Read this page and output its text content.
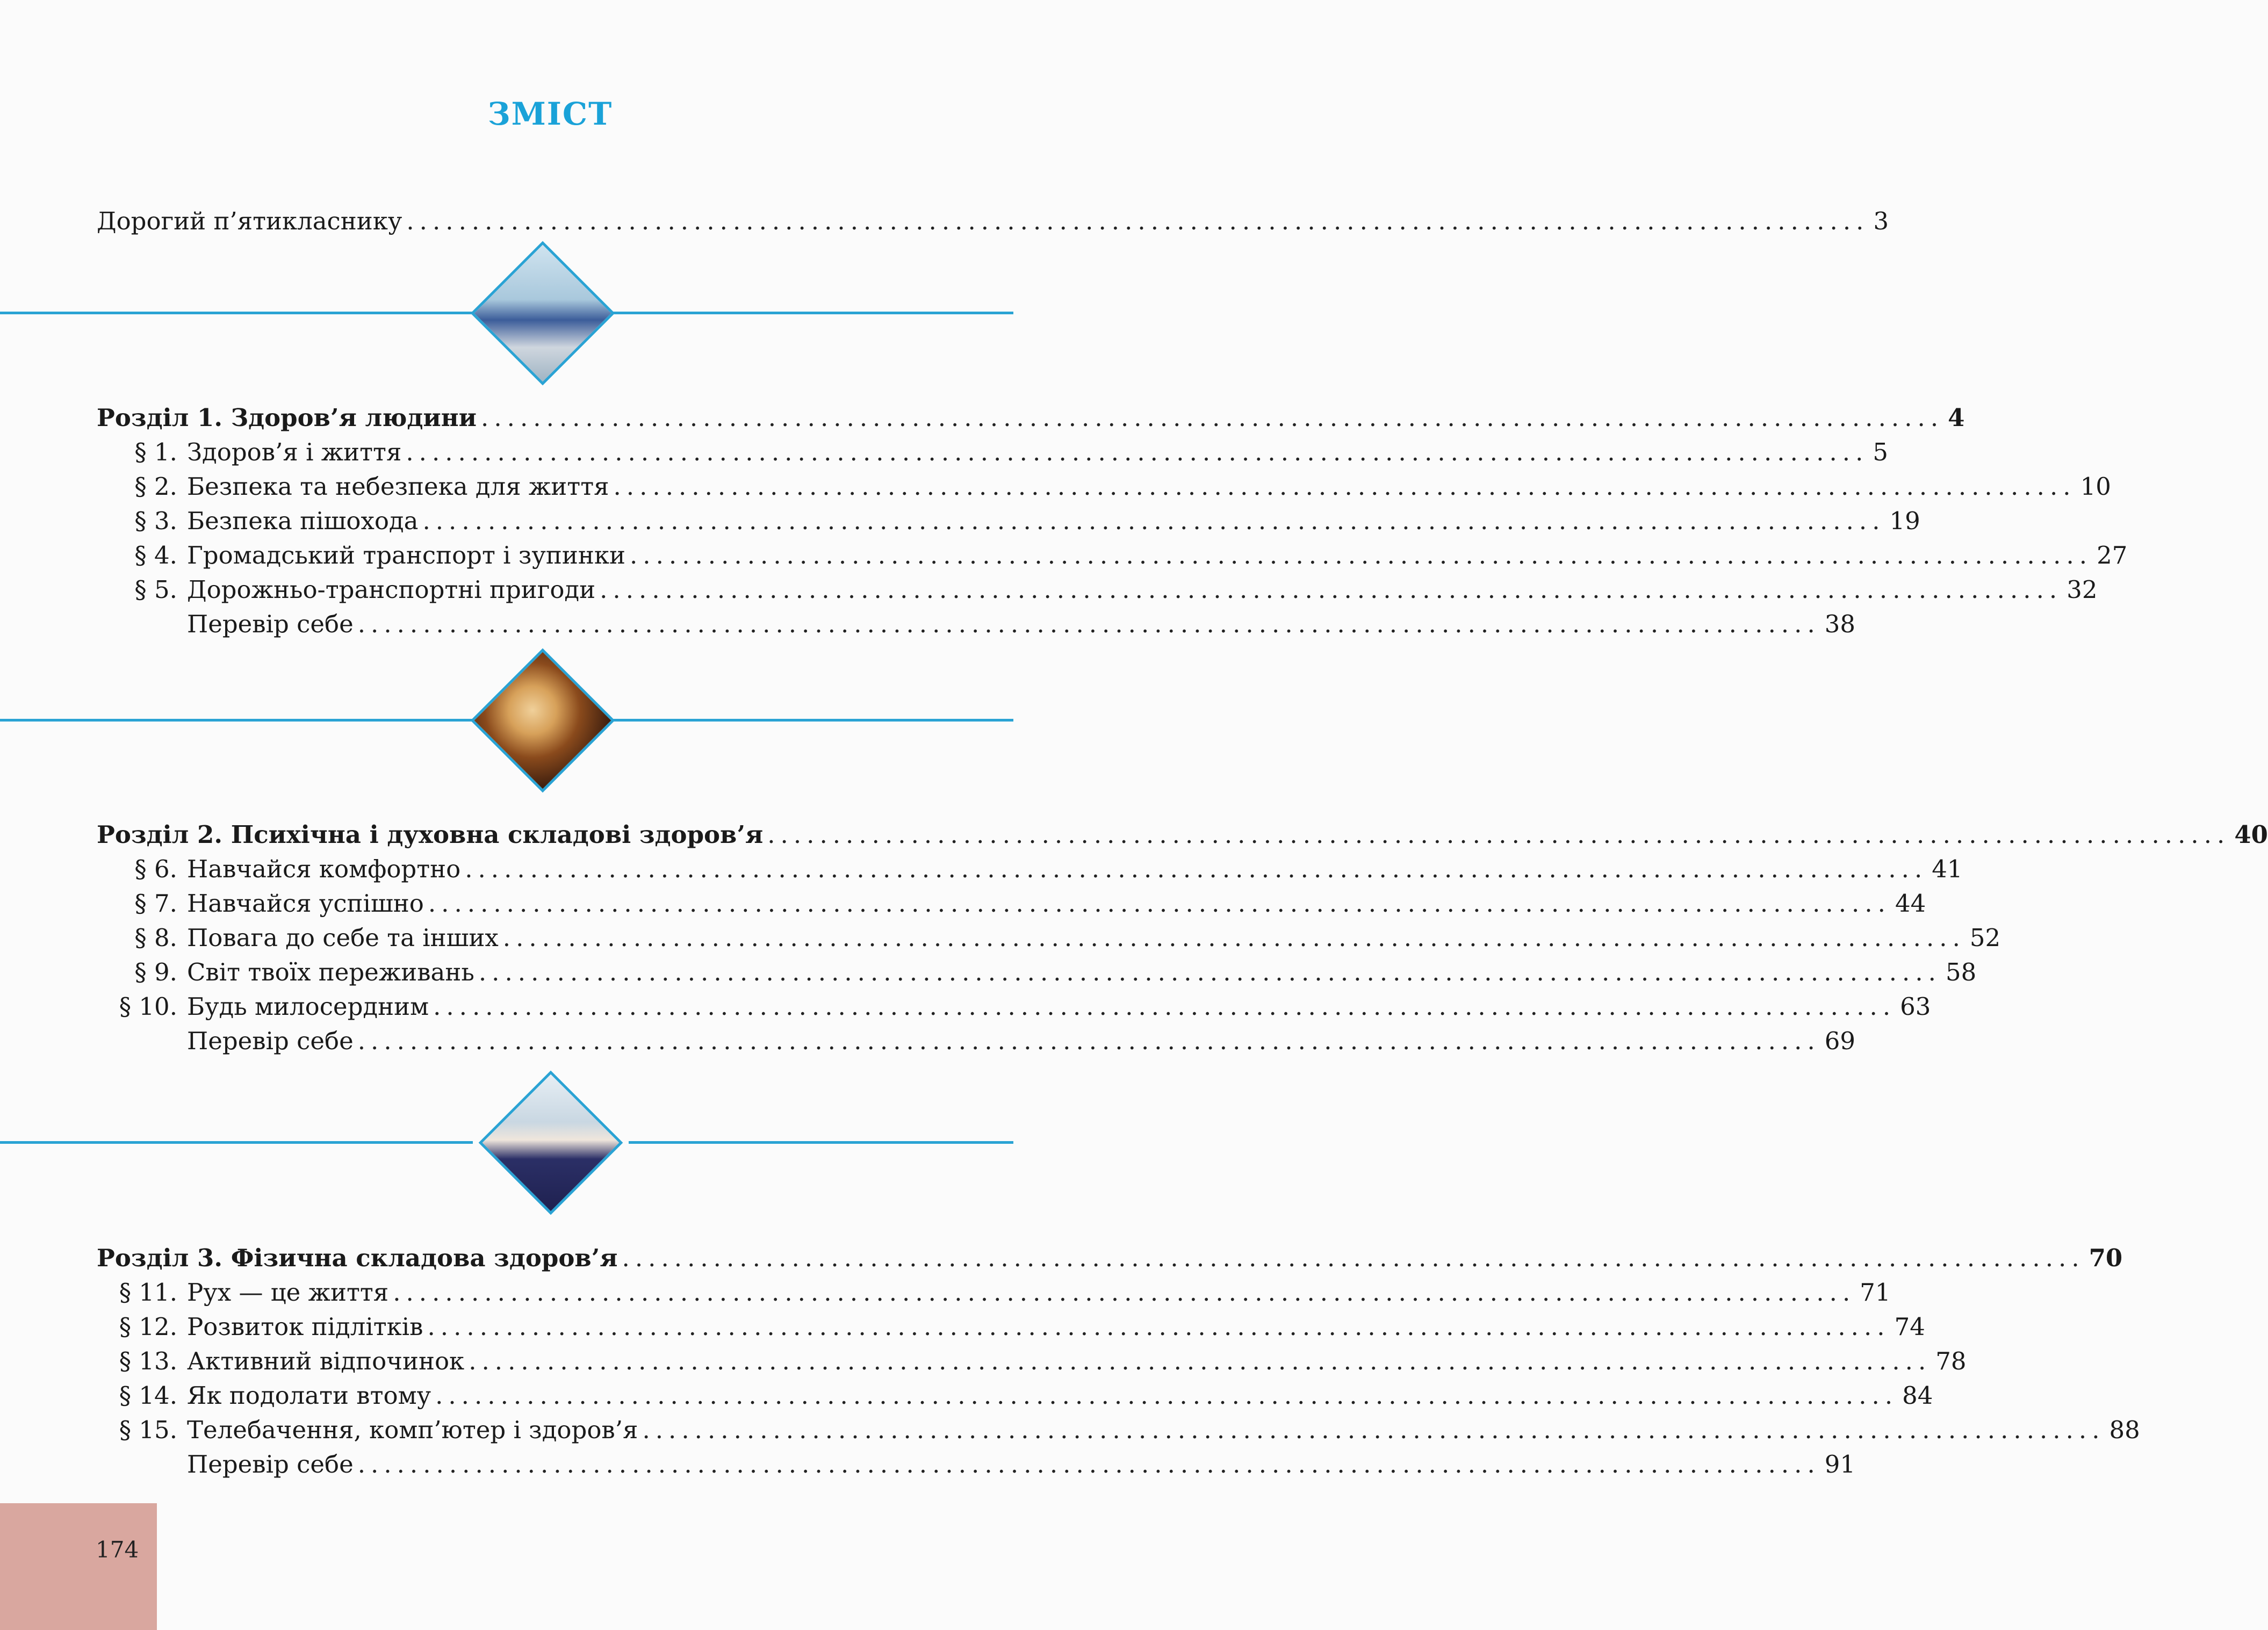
ЗМІСТ
Дорогий п’ятикласнику ................................................................................................................ 3
Розділ 1. Здоров’я людини ................................................................................................................ 4
§ 1. Здоров’я і життя ................................................................................................................ 5
§ 2. Безпека та небезпека для життя ................................................................................................................ 10
§ 3. Безпека пішохода ................................................................................................................ 19
§ 4. Громадський транспорт і зупинки ................................................................................................................ 27
§ 5. Дорожньо-транспортні пригоди ................................................................................................................ 32
Перевір себе ................................................................................................................ 38
Розділ 2. Психічна і духовна складові здоров’я ................................................................................................................ 40
§ 6. Навчайся комфортно ................................................................................................................ 41
§ 7. Навчайся успішно ................................................................................................................ 44
§ 8. Повага до себе та інших ................................................................................................................ 52
§ 9. Світ твоїх переживань ................................................................................................................ 58
§ 10. Будь милосердним ................................................................................................................ 63
Перевір себе ................................................................................................................ 69
Розділ 3. Фізична складова здоров’я ................................................................................................................ 70
§ 11. Рух — це життя ................................................................................................................ 71
§ 12. Розвиток підлітків ................................................................................................................ 74
§ 13. Активний відпочинок ................................................................................................................ 78
§ 14. Як подолати втому ................................................................................................................ 84
§ 15. Телебачення, комп’ютер і здоров’я ................................................................................................................ 88
Перевір себе ................................................................................................................ 91
174
